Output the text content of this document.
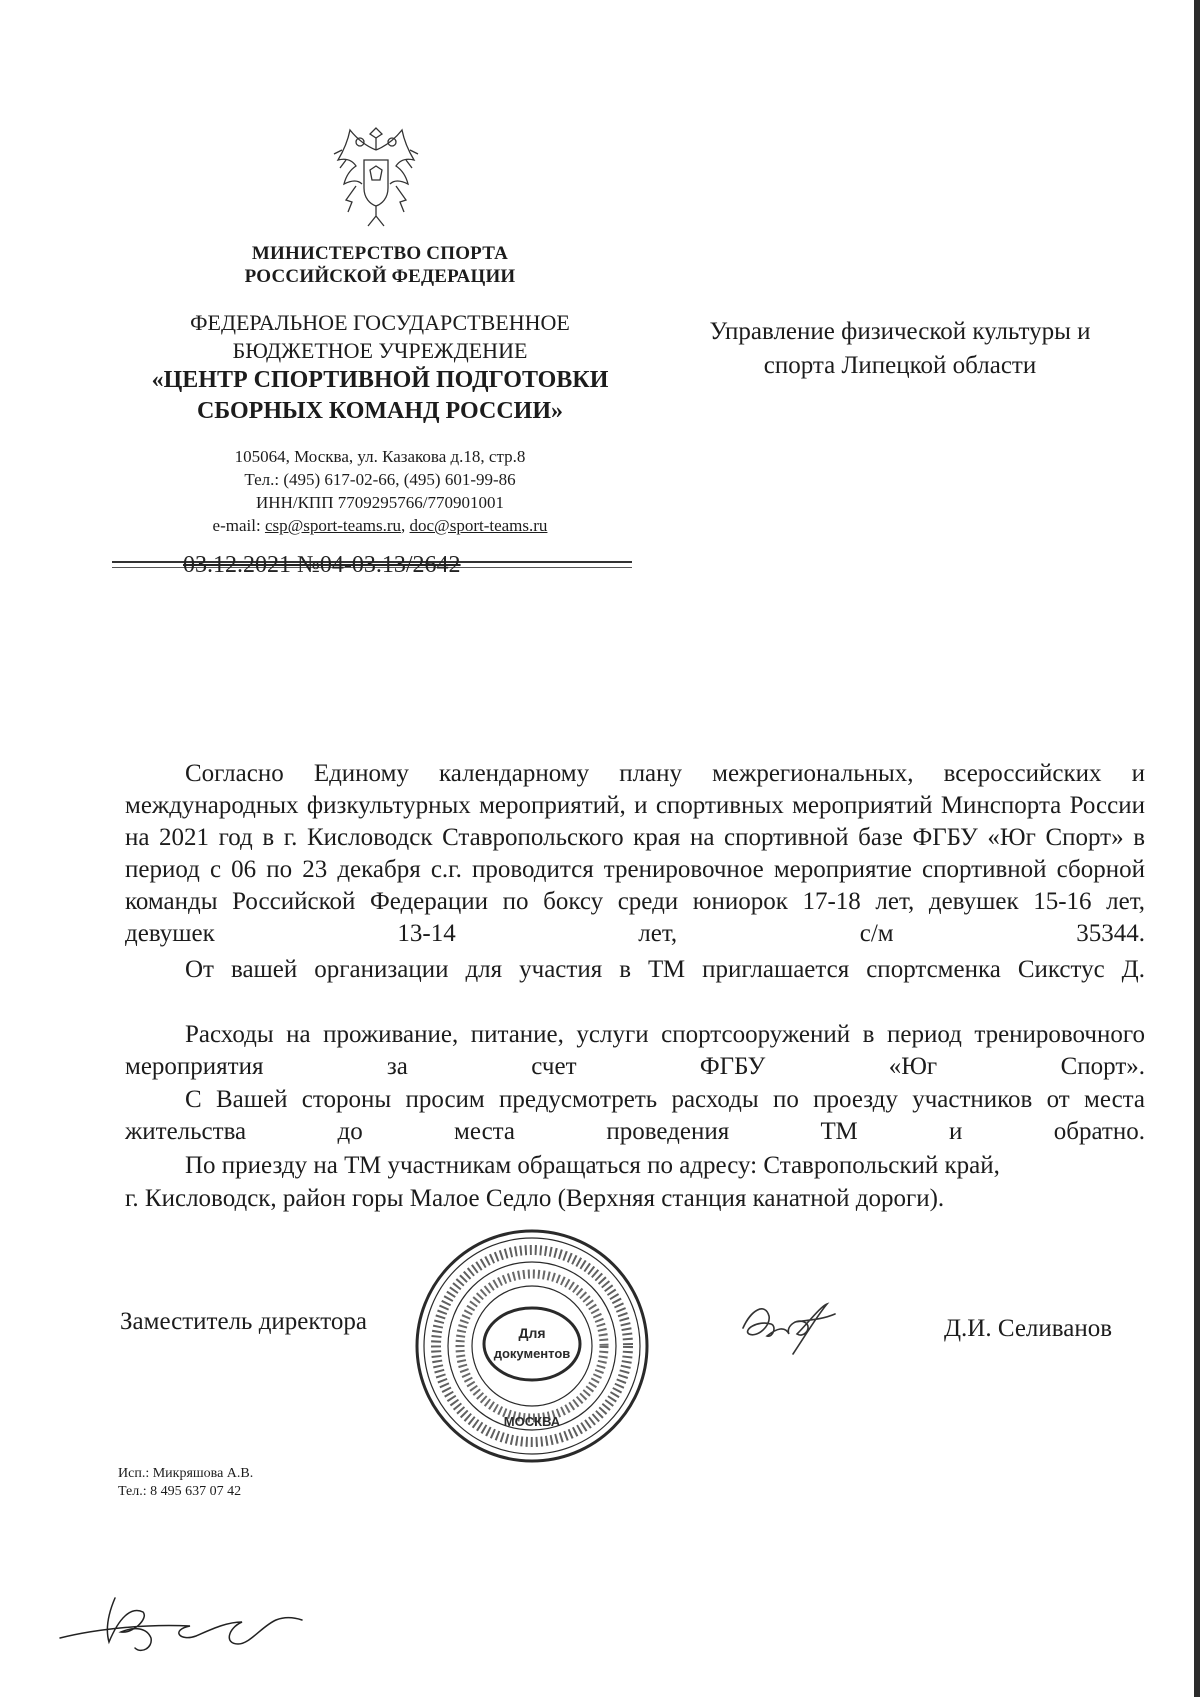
МИНИСТЕРСТВО СПОРТА
РОССИЙСКОЙ ФЕДЕРАЦИИ
ФЕДЕРАЛЬНОЕ ГОСУДАРСТВЕННОЕ
БЮДЖЕТНОЕ УЧРЕЖДЕНИЕ
«ЦЕНТР СПОРТИВНОЙ ПОДГОТОВКИ
СБОРНЫХ КОМАНД РОССИИ»
105064, Москва, ул. Казакова д.18, стр.8
Тел.: (495) 617-02-66, (495) 601-99-86
ИНН/КПП 7709295766/770901001
e-mail: csp@sport-teams.ru, doc@sport-teams.ru
03.12.2021 №04-03.13/2642
Управление физической культуры и
спорта Липецкой области
Согласно Единому календарному плану межрегиональных, всероссийских и международных физкультурных мероприятий, и спортивных мероприятий Минспорта России на 2021 год в г. Кисловодск Ставропольского края на спортивной базе ФГБУ «Юг Спорт» в период с 06 по 23 декабря с.г. проводится тренировочное мероприятие спортивной сборной команды Российской Федерации по боксу среди юниорок 17-18 лет, девушек 15-16 лет, девушек 13-14 лет, с/м 35344.
От вашей организации для участия в ТМ приглашается спортсменка Сикстус Д.
Расходы на проживание, питание, услуги спортсооружений в период тренировочного мероприятия за счет ФГБУ «Юг Спорт».
С Вашей стороны просим предусмотреть расходы по проезду участников от места жительства до места проведения ТМ и обратно.
По приезду на ТМ участникам обращаться по адресу: Ставропольский край,
г. Кисловодск, район горы Малое Седло (Верхняя станция канатной дороги).
Заместитель директора	Д.И. Селиванов
Для
документов
МОСКВА
Исп.: Микряшова А.В.
Тел.: 8 495 637 07 42
